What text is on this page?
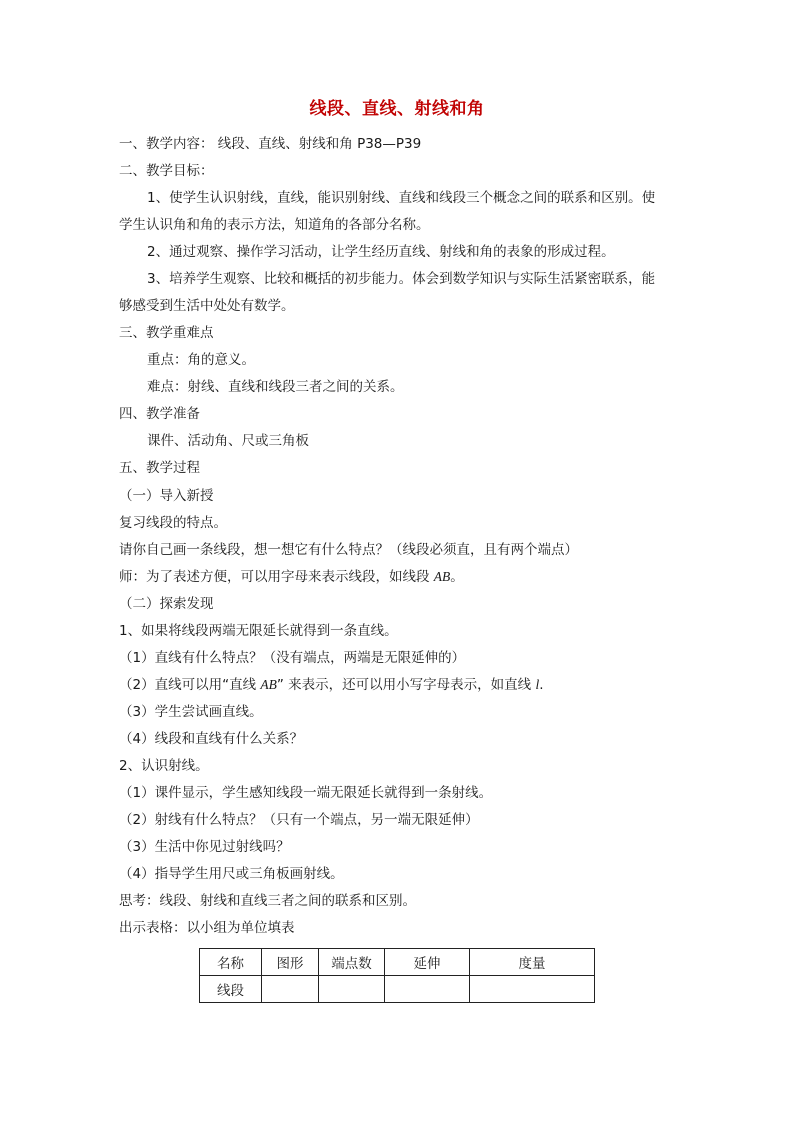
线段、直线、射线和角
一、教学内容： 线段、直线、射线和角 P38—P39
二、教学目标：
1、使学生认识射线，直线，能识别射线、直线和线段三个概念之间的联系和区别。使
学生认识角和角的表示方法，知道角的各部分名称。
2、通过观察、操作学习活动，让学生经历直线、射线和角的表象的形成过程。
3、培养学生观察、比较和概括的初步能力。体会到数学知识与实际生活紧密联系，能
够感受到生活中处处有数学。
三、教学重难点
重点：角的意义。
难点：射线、直线和线段三者之间的关系。
四、教学准备
课件、活动角、尺或三角板
五、教学过程
（一）导入新授
复习线段的特点。
请你自己画一条线段，想一想它有什么特点？（线段必须直，且有两个端点）
师：为了表述方便，可以用字母来表示线段，如线段 AB。
（二）探索发现
1、如果将线段两端无限延长就得到一条直线。
（1）直线有什么特点？（没有端点，两端是无限延伸的）
（2）直线可以用“直线 AB” 来表示，还可以用小写字母表示，如直线 l.
（3）学生尝试画直线。
（4）线段和直线有什么关系？
2、认识射线。
（1）课件显示，学生感知线段一端无限延长就得到一条射线。
（2）射线有什么特点？（只有一个端点，另一端无限延伸）
（3）生活中你见过射线吗？
（4）指导学生用尺或三角板画射线。
思考：线段、射线和直线三者之间的联系和区别。
出示表格：以小组为单位填表
名称	图形	端点数	延伸	度量
线段				
